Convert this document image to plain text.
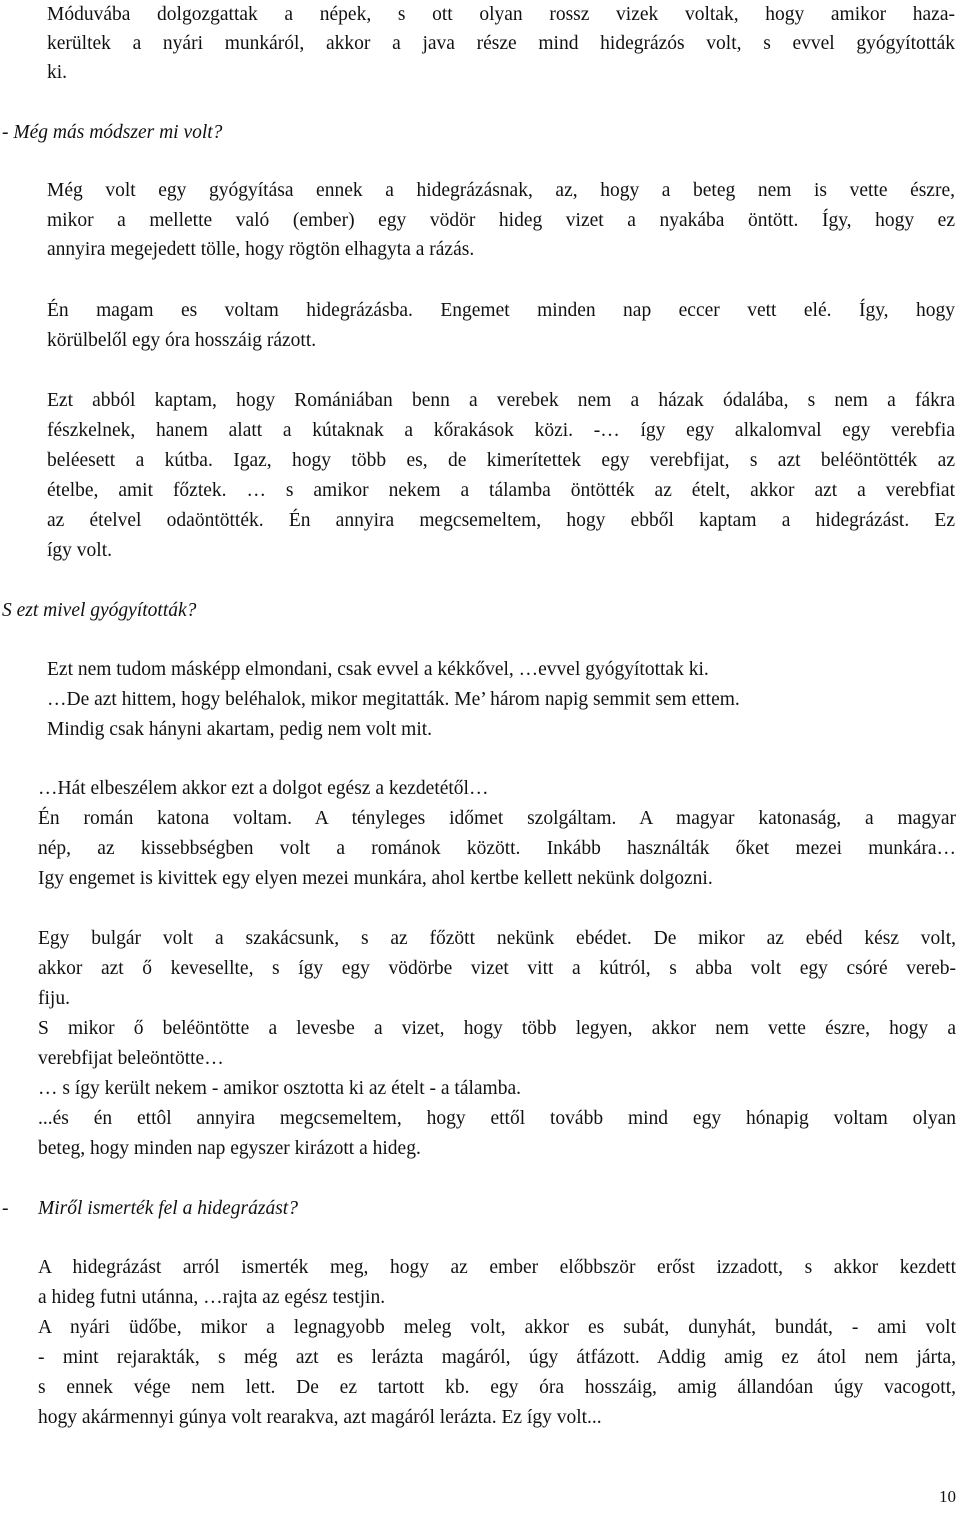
Móduvába dolgozgattak a népek, s ott olyan rossz vizek voltak, hogy amikor haza-
kerültek a nyári munkáról, akkor a java része mind hidegrázós volt, s evvel gyógyították
ki.
- Még más módszer mi volt?
Még volt egy gyógyítása ennek a hidegrázásnak, az, hogy a beteg nem is vette észre,
mikor a mellette való (ember) egy vödör hideg vizet a nyakába öntött. Így, hogy ez
annyira megejedett tölle, hogy rögtön elhagyta a rázás.
Én magam es voltam hidegrázásba. Engemet minden nap eccer vett elé. Így, hogy
körülbelől egy óra hosszáig rázott.
Ezt abból kaptam, hogy Romániában benn a verebek nem a házak ódalába, s nem a fákra
fészkelnek, hanem alatt a kútaknak a kőrakások közi. -… így egy alkalomval egy verebfia
beléesett a kútba. Igaz, hogy több es, de kimerítettek egy verebfijat, s azt beléöntötték az
ételbe, amit főztek. … s amikor nekem a tálamba öntötték az ételt, akkor azt a verebfiat
az ételvel odaöntötték. Én annyira megcsemeltem, hogy ebből kaptam a hidegrázást. Ez
így volt.
S ezt mivel gyógyították?
Ezt nem tudom másképp elmondani, csak evvel a kékkővel, …evvel gyógyítottak ki.
…De azt hittem, hogy beléhalok, mikor megitatták. Me’ három napig semmit sem ettem.
Mindig csak hányni akartam, pedig nem volt mit.
…Hát elbeszélem akkor ezt a dolgot egész a kezdetétől…
Én román katona voltam. A tényleges időmet szolgáltam. A magyar katonaság, a magyar
nép, az kissebbségben volt a románok között. Inkább használták őket mezei munkára…
Igy engemet is kivittek egy elyen mezei munkára, ahol kertbe kellett nekünk dolgozni.
Egy bulgár volt a szakácsunk, s az főzött nekünk ebédet. De mikor az ebéd kész volt,
akkor azt ő kevesellte, s így egy vödörbe vizet vitt a kútról, s abba volt egy csóré vereb-
fiju.
S mikor ő beléöntötte a levesbe a vizet, hogy több legyen, akkor nem vette észre, hogy a
verebfijat beleöntötte…
… s így került nekem - amikor osztotta ki az ételt - a tálamba.
...és én ettôl annyira megcsemeltem, hogy ettől tovább mind egy hónapig voltam olyan
beteg, hogy minden nap egyszer kirázott a hideg.
- Miről ismerték fel a hidegrázást?
A hidegrázást arról ismerték meg, hogy az ember előbbször erőst izzadott, s akkor kezdett
a hideg futni utánna, …rajta az egész testjin.
A nyári üdőbe, mikor a legnagyobb meleg volt, akkor es subát, dunyhát, bundát, - ami volt
- mint rejarakták, s még azt es lerázta magáról, úgy átfázott. Addig amig ez átol nem járta,
s ennek vége nem lett. De ez tartott kb. egy óra hosszáig, amig állandóan úgy vacogott,
hogy akármennyi gúnya volt rearakva, azt magáról lerázta. Ez így volt...
10
